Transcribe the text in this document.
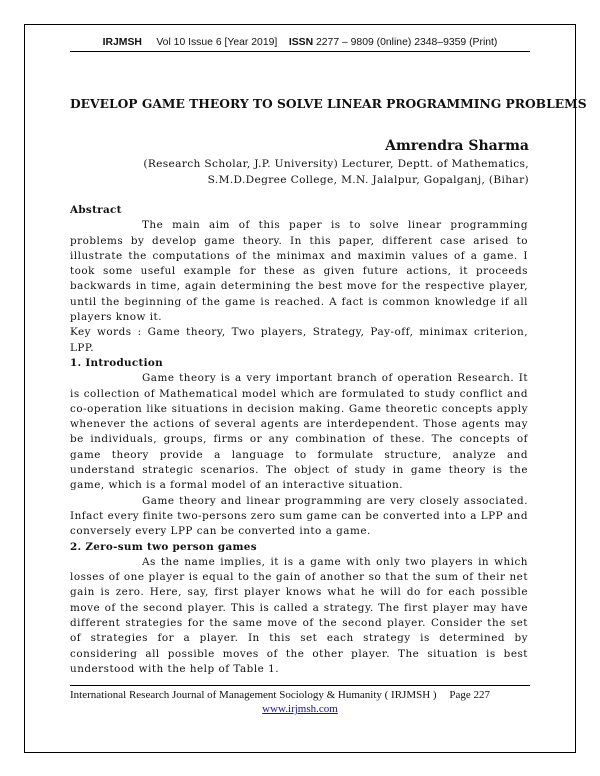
IRJMSH Vol 10 Issue 6 [Year 2019] ISSN 2277 – 9809 (0nline) 2348–9359 (Print)
DEVELOP GAME THEORY TO SOLVE LINEAR PROGRAMMING PROBLEMS
Amrendra Sharma
(Research Scholar, J.P. University) Lecturer, Deptt. of Mathematics,
S.M.D.Degree College, M.N. Jalalpur, Gopalganj, (Bihar)
Abstract

The main aim of this paper is to solve linear programming problems by develop game theory. In this paper, different case arised to illustrate the computations of the minimax and maximin values of a game. I took some useful example for these as given future actions, it proceeds backwards in time, again determining the best move for the respective player, until the beginning of the game is reached. A fact is common knowledge if all players know it.

Key words : Game theory, Two players, Strategy, Pay-off, minimax criterion, LPP.

1. Introduction

Game theory is a very important branch of operation Research. It is collection of Mathematical model which are formulated to study conflict and co-operation like situations in decision making. Game theoretic concepts apply whenever the actions of several agents are interdependent. Those agents may be individuals, groups, firms or any combination of these. The concepts of game theory provide a language to formulate structure, analyze and understand strategic scenarios. The object of study in game theory is the game, which is a formal model of an interactive situation.

Game theory and linear programming are very closely associated. Infact every finite two-persons zero sum game can be converted into a LPP and conversely every LPP can be converted into a game.

2. Zero-sum two person games

As the name implies, it is a game with only two players in which losses of one player is equal to the gain of another so that the sum of their net gain is zero. Here, say, first player knows what he will do for each possible move of the second player. This is called a strategy. The first player may have different strategies for the same move of the second player. Consider the set of strategies for a player. In this set each strategy is determined by considering all possible moves of the other player. The situation is best understood with the help of Table 1.

International Research Journal of Management Sociology & Humanity ( IRJMSH ) Page 227
www.irjmsh.com
